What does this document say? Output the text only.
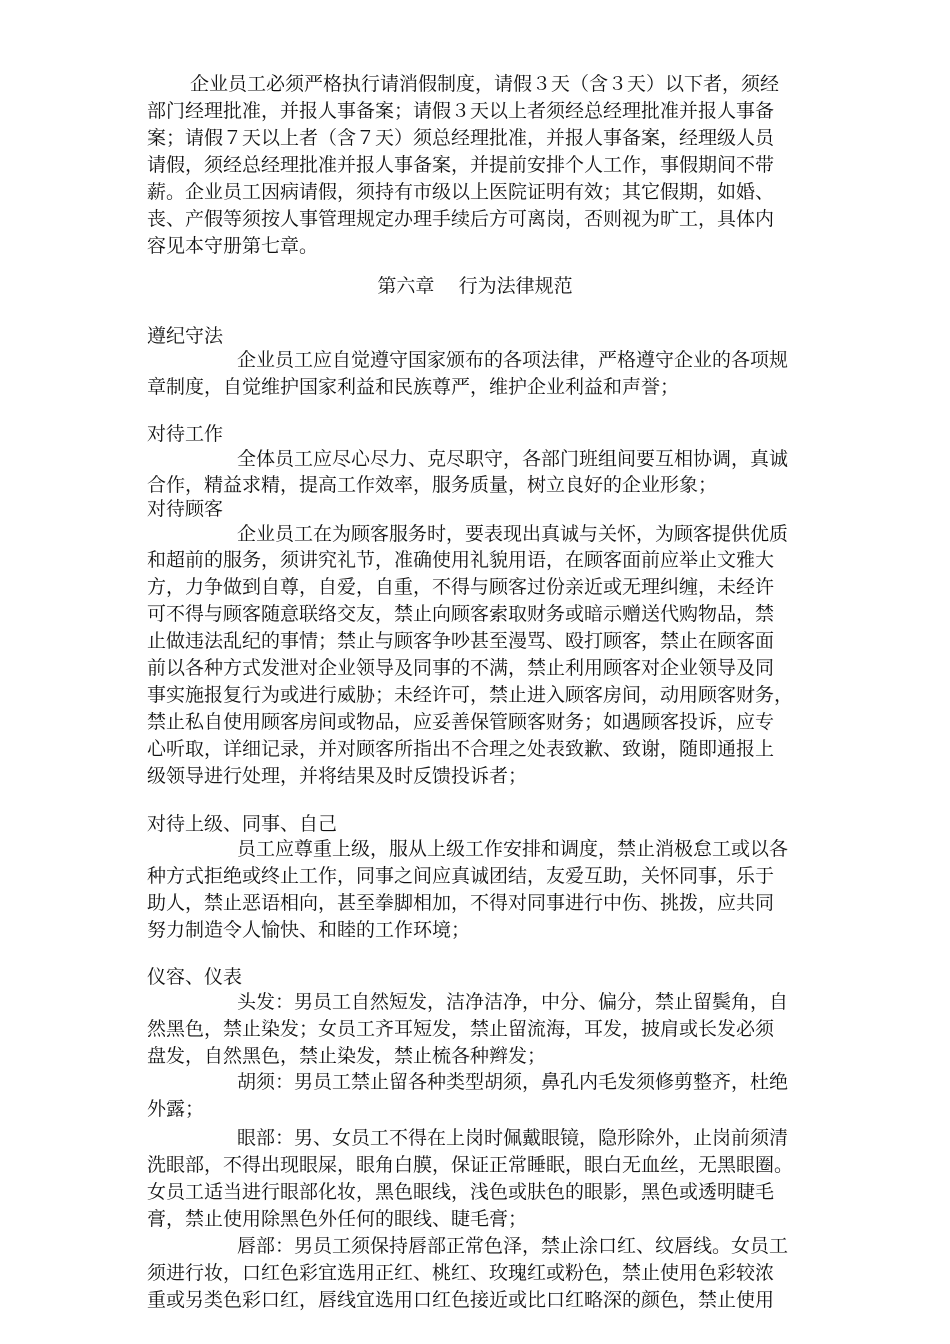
企业员工必须严格执行请消假制度，请假３天（含３天）以下者，须经
部门经理批准，并报人事备案；请假３天以上者须经总经理批准并报人事备
案；请假７天以上者（含７天）须总经理批准，并报人事备案，经理级人员
请假，须经总经理批准并报人事备案，并提前安排个人工作，事假期间不带
薪。企业员工因病请假，须持有市级以上医院证明有效；其它假期，如婚、
丧、产假等须按人事管理规定办理手续后方可离岗，否则视为旷工，具体内
容见本守册第七章。
第六章    行为法律规范
遵纪守法
企业员工应自觉遵守国家颁布的各项法律，严格遵守企业的各项规
章制度，自觉维护国家利益和民族尊严，维护企业利益和声誉；
对待工作
全体员工应尽心尽力、克尽职守，各部门班组间要互相协调，真诚
合作，精益求精，提高工作效率，服务质量，树立良好的企业形象；
对待顾客
企业员工在为顾客服务时，要表现出真诚与关怀，为顾客提供优质
和超前的服务，须讲究礼节，准确使用礼貌用语，在顾客面前应举止文雅大
方，力争做到自尊，自爱，自重，不得与顾客过份亲近或无理纠缠，未经许
可不得与顾客随意联络交友，禁止向顾客索取财务或暗示赠送代购物品，禁
止做违法乱纪的事情；禁止与顾客争吵甚至漫骂、殴打顾客，禁止在顾客面
前以各种方式发泄对企业领导及同事的不满，禁止利用顾客对企业领导及同
事实施报复行为或进行威胁；未经许可，禁止进入顾客房间，动用顾客财务，
禁止私自使用顾客房间或物品，应妥善保管顾客财务；如遇顾客投诉，应专
心听取，详细记录，并对顾客所指出不合理之处表致歉、致谢，随即通报上
级领导进行处理，并将结果及时反馈投诉者；
对待上级、同事、自己
员工应尊重上级，服从上级工作安排和调度，禁止消极怠工或以各
种方式拒绝或终止工作，同事之间应真诚团结，友爱互助，关怀同事，乐于
助人，禁止恶语相向，甚至拳脚相加，不得对同事进行中伤、挑拨，应共同
努力制造令人愉快、和睦的工作环境；
仪容、仪表
头发：男员工自然短发，洁净洁净，中分、偏分，禁止留鬓角，自
然黑色，禁止染发；女员工齐耳短发，禁止留流海，耳发，披肩或长发必须
盘发，自然黑色，禁止染发，禁止梳各种辫发；
胡须：男员工禁止留各种类型胡须，鼻孔内毛发须修剪整齐，杜绝
外露；
眼部：男、女员工不得在上岗时佩戴眼镜，隐形除外，止岗前须清
洗眼部，不得出现眼屎，眼角白膜，保证正常睡眠，眼白无血丝，无黑眼圈。
女员工适当进行眼部化妆，黑色眼线，浅色或肤色的眼影，黑色或透明睫毛
膏，禁止使用除黑色外任何的眼线、睫毛膏；
唇部：男员工须保持唇部正常色泽，禁止涂口红、纹唇线。女员工
须进行妆，口红色彩宜选用正红、桃红、玫瑰红或粉色，禁止使用色彩较浓
重或另类色彩口红，唇线宜选用口红色接近或比口红略深的颜色，禁止使用
